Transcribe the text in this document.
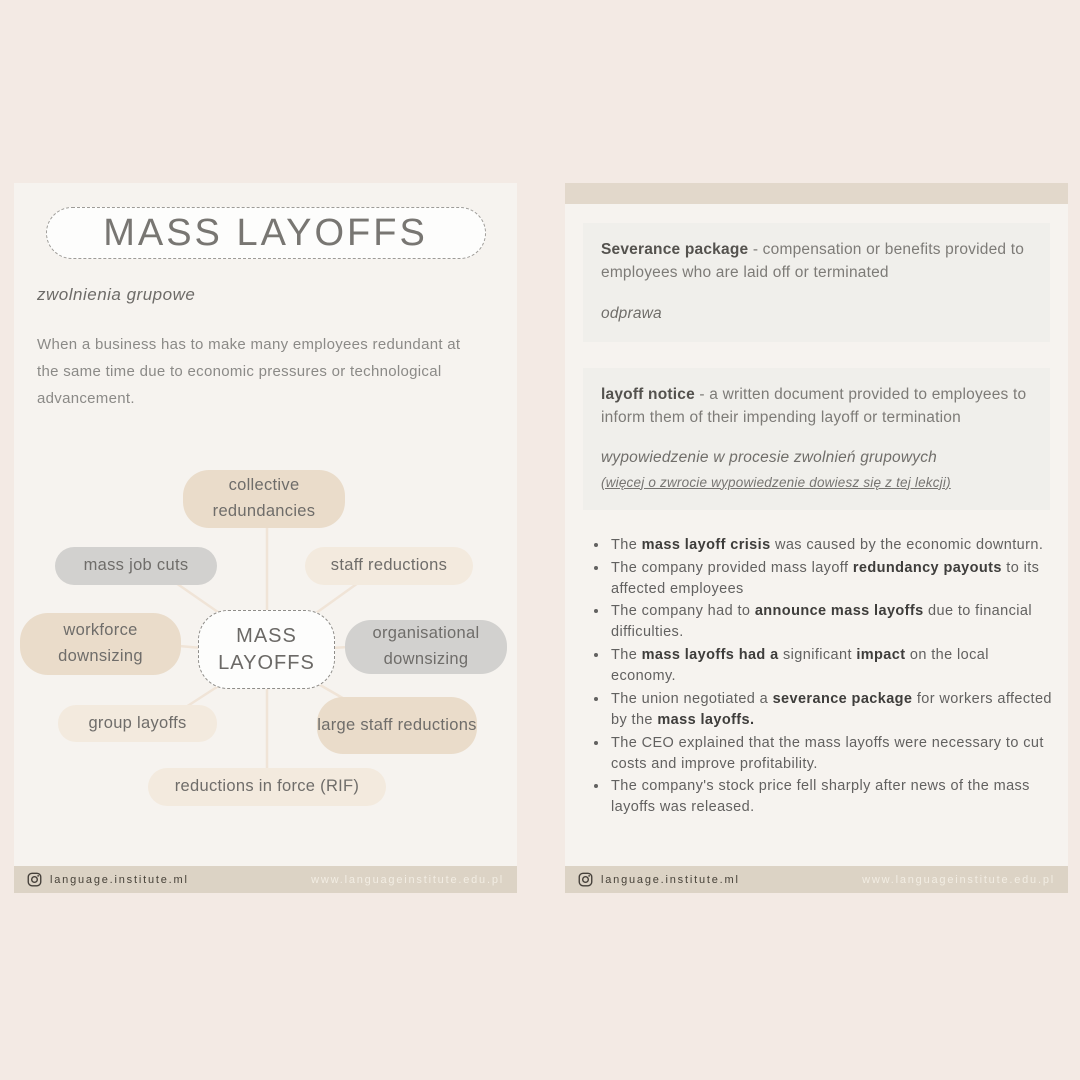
MASS LAYOFFS

zwolnienia grupowe

When a business has to make many employees redundant at the same time due to economic pressures or technological advancement.

collective redundancies
mass job cuts	staff reductions
workforce downsizing
MASS LAYOFFS
organisational downsizing
group layoffs	large staff reductions
reductions in force (RIF)
language.institute.ml	www.languageinstitute.edu.pl
Severance package - compensation or benefits provided to employees who are laid off or terminated
odprawa
layoff notice - a written document provided to employees to inform them of their impending layoff or termination
wypowiedzenie w procesie zwolnień grupowych
(więcej o zwrocie wypowiedzenie dowiesz się z tej lekcji)
• The mass layoff crisis was caused by the economic downturn.
• The company provided mass layoff redundancy payouts to its affected employees
• The company had to announce mass layoffs due to financial difficulties.
• The mass layoffs had a significant impact on the local economy.
• The union negotiated a severance package for workers affected by the mass layoffs.
• The CEO explained that the mass layoffs were necessary to cut costs and improve profitability.
• The company's stock price fell sharply after news of the mass layoffs was released.
language.institute.ml	www.languageinstitute.edu.pl
